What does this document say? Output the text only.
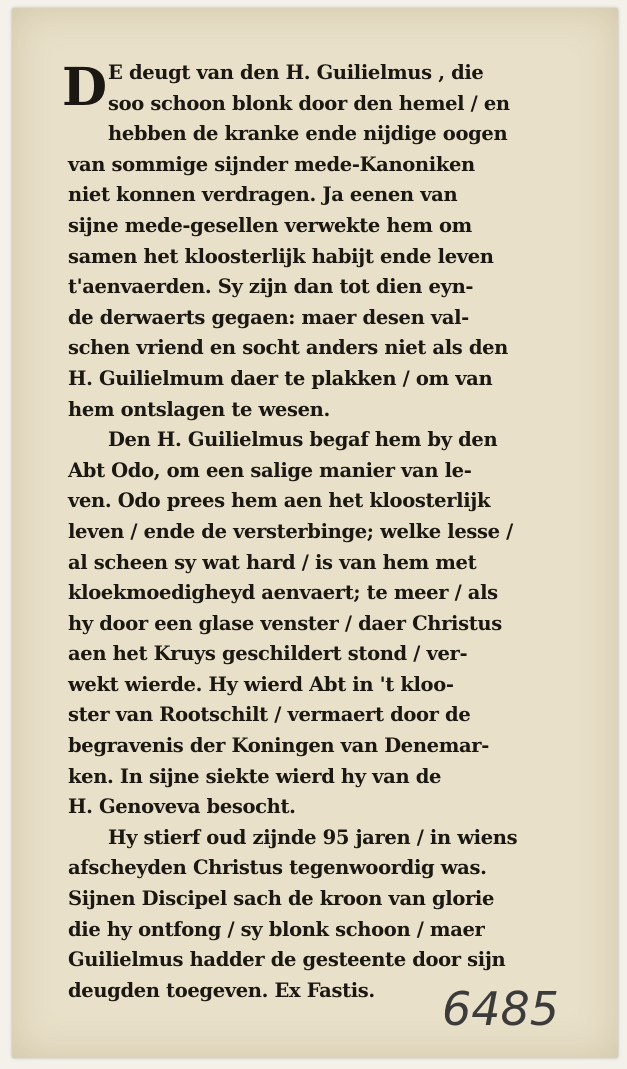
D E deugt van den H. Guilielmus , die
soo schoon blonk door den hemel / en
hebben de kranke ende nijdige oogen
van sommige sijnder mede-Kanoniken
niet konnen verdragen. Ja eenen van
sijne mede-gesellen verwekte hem om
samen het kloosterlijk habijt ende leven
t'aenvaerden. Sy zijn dan tot dien eyn-
de derwaerts gegaen: maer desen val-
schen vriend en socht anders niet als den
H. Guilielmum daer te plakken / om van
hem ontslagen te wesen.

Den H. Guilielmus begaf hem by den
Abt Odo, om een salige manier van le-
ven. Odo prees hem aen het kloosterlijk
leven / ende de versterbinge; welke lesse /
al scheen sy wat hard / is van hem met
kloekmoedigheyd aenvaert; te meer / als
hy door een glase venster / daer Christus
aen het Kruys geschildert stond / ver-
wekt wierde. Hy wierd Abt in 't kloo-
ster van Rootschilt / vermaert door de
begravenis der Koningen van Denemar-
ken. In sijne siekte wierd hy van de
H. Genoveva besocht.

Hy stierf oud zijnde 95 jaren / in wiens
afscheyden Christus tegenwoordig was.
Sijnen Discipel sach de kroon van glorie
die hy ontfong / sy blonk schoon / maer
Guilielmus hadder de gesteente door sijn
deugden toegeven. Ex Fastis.	6485
